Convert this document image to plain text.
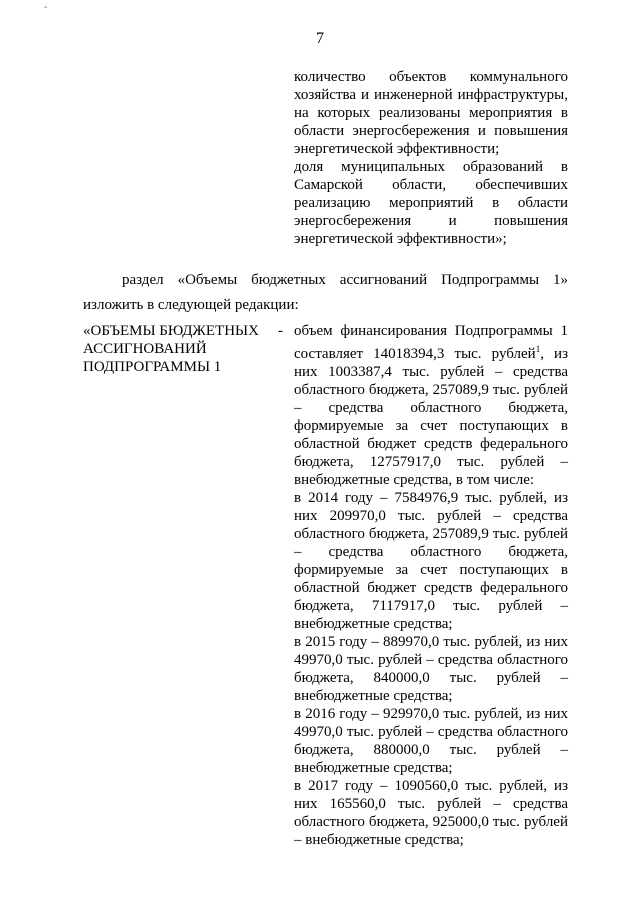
ˆ
7
количество объектов коммунального хозяйства и инженерной инфраструктуры, на которых реализованы мероприятия в области энергосбережения и повышения энергетической эффективности;
доля муниципальных образований в Самарской области, обеспечивших реализацию мероприятий в области энергосбережения и повышения энергетической эффективности»;
раздел «Объемы бюджетных ассигнований Подпрограммы 1»
изложить в следующей редакции:
«ОБЪЕМЫ БЮДЖЕТНЫХ
АССИГНОВАНИЙ
ПОДПРОГРАММЫ 1
- объем финансирования Подпрограммы 1 составляет 14018394,3 тыс. рублей$^1$, из них 1003387,4 тыс. рублей – средства областного бюджета, 257089,9 тыс. рублей – средства областного бюджета, формируемые за счет поступающих в областной бюджет средств федерального бюджета, 12757917,0 тыс. рублей – внебюджетные средства, в том числе:
в 2014 году – 7584976,9 тыс. рублей, из них 209970,0 тыс. рублей – средства областного бюджета, 257089,9 тыс. рублей – средства областного бюджета, формируемые за счет поступающих в областной бюджет средств федерального бюджета, 7117917,0 тыс. рублей – внебюджетные средства;
в 2015 году – 889970,0 тыс. рублей, из них 49970,0 тыс. рублей – средства областного бюджета, 840000,0 тыс. рублей – внебюджетные средства;
в 2016 году – 929970,0 тыс. рублей, из них 49970,0 тыс. рублей – средства областного бюджета, 880000,0 тыс. рублей – внебюджетные средства;
в 2017 году – 1090560,0 тыс. рублей, из них 165560,0 тыс. рублей – средства областного бюджета, 925000,0 тыс. рублей – внебюджетные средства;
